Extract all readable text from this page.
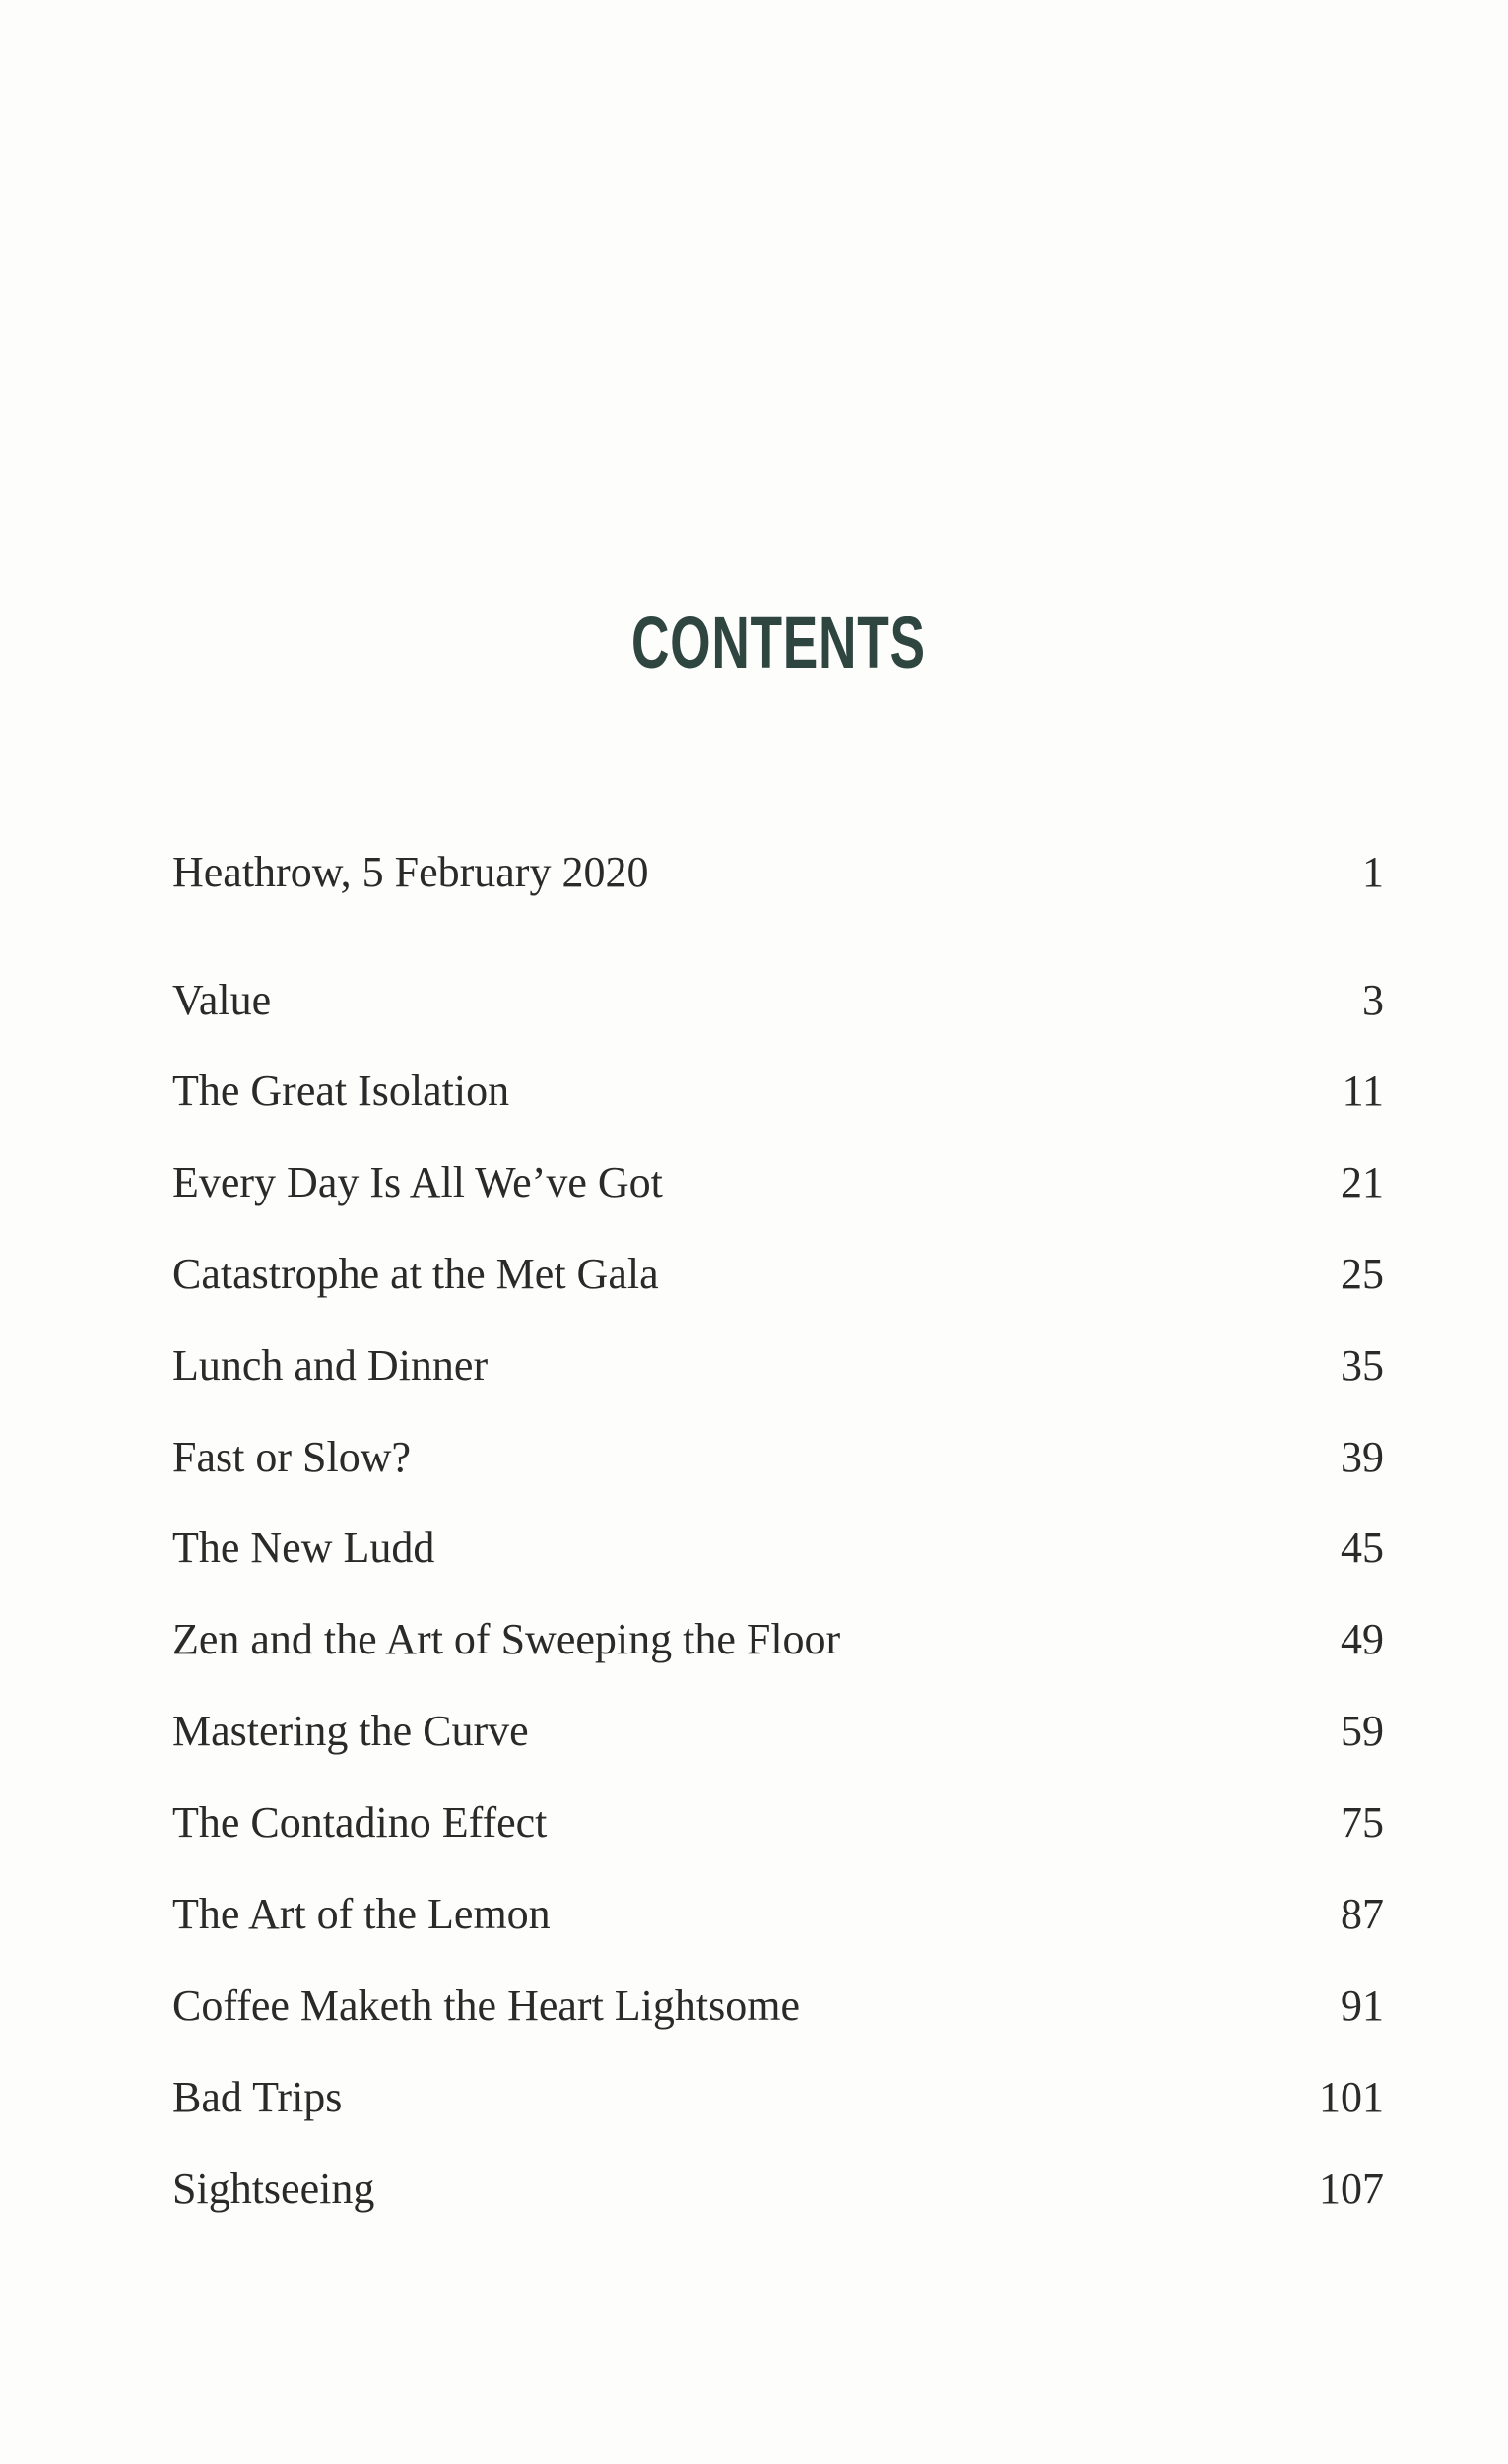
CONTENTS
Heathrow, 5 February 2020	1
Value	3
The Great Isolation	11
Every Day Is All We’ve Got	21
Catastrophe at the Met Gala	25
Lunch and Dinner	35
Fast or Slow?	39
The New Ludd	45
Zen and the Art of Sweeping the Floor	49
Mastering the Curve	59
The Contadino Effect	75
The Art of the Lemon	87
Coffee Maketh the Heart Lightsome	91
Bad Trips	101
Sightseeing	107
